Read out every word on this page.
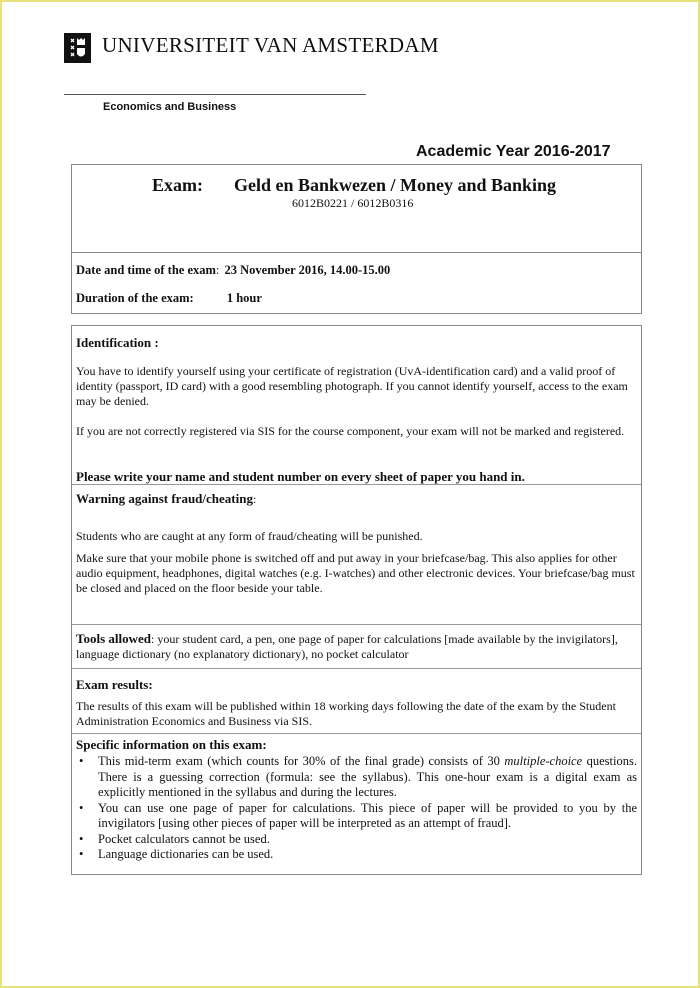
UNIVERSITEIT VAN AMSTERDAM
Economics and Business
Academic Year 2016-2017
Exam: Geld en Bankwezen / Money and Banking
6012B0221 / 6012B0316
Date and time of the exam: 23 November 2016, 14.00-15.00
Duration of the exam:	1 hour
Identification :
You have to identify yourself using your certificate of registration (UvA-identification card) and a valid proof of identity (passport, ID card) with a good resembling photograph. If you cannot identify yourself, access to the exam may be denied.
If you are not correctly registered via SIS for the course component, your exam will not be marked and registered.
Please write your name and student number on every sheet of paper you hand in.
Warning against fraud/cheating:
Students who are caught at any form of fraud/cheating will be punished.
Make sure that your mobile phone is switched off and put away in your briefcase/bag. This also applies for other audio equipment, headphones, digital watches (e.g. I-watches) and other electronic devices. Your briefcase/bag must be closed and placed on the floor beside your table.
Tools allowed: your student card, a pen, one page of paper for calculations [made available by the invigilators], language dictionary (no explanatory dictionary), no pocket calculator
Exam results:
The results of this exam will be published within 18 working days following the date of the exam by the Student Administration Economics and Business via SIS.
Specific information on this exam:
• This mid-term exam (which counts for 30% of the final grade) consists of 30 multiple-choice questions. There is a guessing correction (formula: see the syllabus). This one-hour exam is a digital exam as explicitly mentioned in the syllabus and during the lectures.
• You can use one page of paper for calculations. This piece of paper will be provided to you by the invigilators [using other pieces of paper will be interpreted as an attempt of fraud].
• Pocket calculators cannot be used.
• Language dictionaries can be used.
